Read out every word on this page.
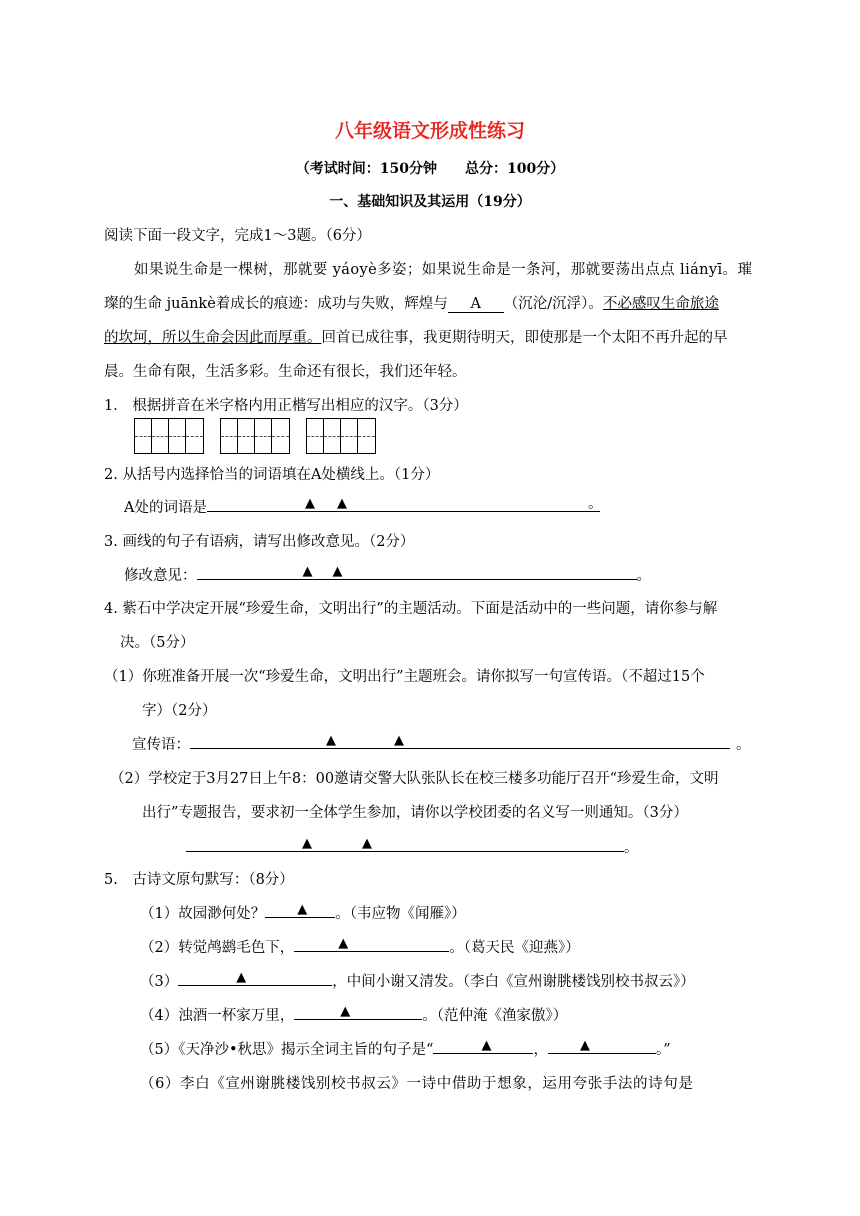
八年级语文形成性练习
（考试时间：150分钟　　总分：100分）
一、基础知识及其运用（19分）
阅读下面一段文字，完成1～3题。（6分）
如果说生命是一棵树，那就要 yáoyè多姿；如果说生命是一条河，那就要荡出点点 liányī。璀
璨的生命 juānkè着成长的痕迹：成功与失败，辉煌与 A （沉沦/沉浮）。不必感叹生命旅途
的坎坷，所以生命会因此而厚重。回首已成往事，我更期待明天，即使那是一个太阳不再升起的早
晨。生命有限，生活多彩。生命还有很长，我们还年轻。
1． 根据拼音在米字格内用正楷写出相应的汉字。（3分）
2. 从括号内选择恰当的词语填在A处横线上。（1分）
A处的词语是	▲ ▲	。
3. 画线的句子有语病，请写出修改意见。（2分）
修改意见：	▲ ▲	。
4. 紫石中学决定开展“珍爱生命，文明出行”的主题活动。下面是活动中的一些问题，请你参与解
决。（5分）
（1）你班准备开展一次“珍爱生命，文明出行”主题班会。请你拟写一句宣传语。（不超过15个
字）（2分）
宣传语：	▲	▲	。
（2）学校定于3月27日上午8：00邀请交警大队张队长在校三楼多功能厅召开“珍爱生命，文明
出行”专题报告，要求初一全体学生参加，请你以学校团委的名义写一则通知。（3分）
▲	▲	。
5.　古诗文原句默写：（8分）
（1）故园渺何处？ ▲ 。（韦应物《闻雁》）
（2）转觉鸬鹚毛色下，	▲	。（葛天民《迎燕》）
（3）	▲	，中间小谢又清发。（李白《宣州谢朓楼饯别校书叔云》）
（4）浊酒一杯家万里，	▲	。（范仲淹《渔家傲》）
（5）《天净沙•秋思》揭示全词主旨的句子是“	▲	， ▲	。”
（6）李白《宣州谢朓楼饯别校书叔云》一诗中借助于想象，运用夸张手法的诗句是
